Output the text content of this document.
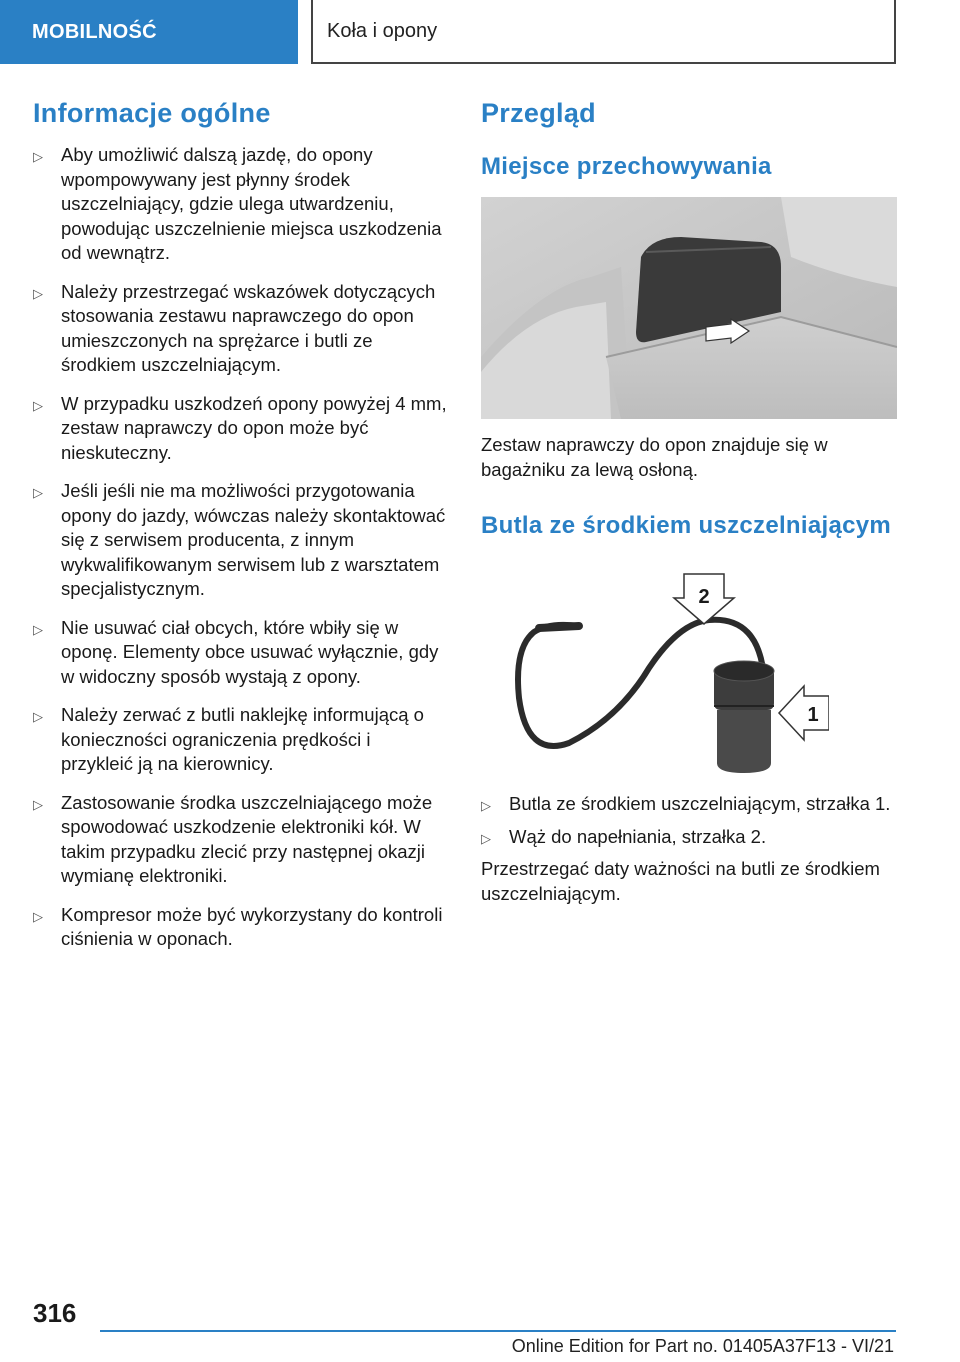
MOBILNOŚĆ	Koła i opony
Informacje ogólne
▷ Aby umożliwić dalszą jazdę, do opony wpompowywany jest płynny środek uszczelniający, gdzie ulega utwardzeniu, powodując uszczelnienie miejsca uszkodzenia od wewnątrz.
▷ Należy przestrzegać wskazówek dotyczących stosowania zestawu naprawczego do opon umieszczonych na sprężarce i butli ze środkiem uszczelniającym.
▷ W przypadku uszkodzeń opony powyżej 4 mm, zestaw naprawczy do opon może być nieskuteczny.
▷ Jeśli jeśli nie ma możliwości przygotowania opony do jazdy, wówczas należy skontaktować się z serwisem producenta, z innym wykwalifikowanym serwisem lub z warsztatem specjalistycznym.
▷ Nie usuwać ciał obcych, które wbiły się w oponę. Elementy obce usuwać wyłącznie, gdy w widoczny sposób wystają z opony.
▷ Należy zerwać z butli naklejkę informującą o konieczności ograniczenia prędkości i przykleić ją na kierownicy.
▷ Zastosowanie środka uszczelniającego może spowodować uszkodzenie elektroniki kół. W takim przypadku zlecić przy następnej okazji wymianę elektroniki.
▷ Kompresor może być wykorzystany do kontroli ciśnienia w oponach.
Przegląd
Miejsce przechowywania

Zestaw naprawczy do opon znajduje się w bagażniku za lewą osłoną.

Butla ze środkiem uszczelniającym
2
1
▷ Butla ze środkiem uszczelniającym, strzałka 1.
▷ Wąż do napełniania, strzałka 2.

Przestrzegać daty ważności na butli ze środkiem uszczelniającym.

316
Online Edition for Part no. 01405A37F13 - VI/21
